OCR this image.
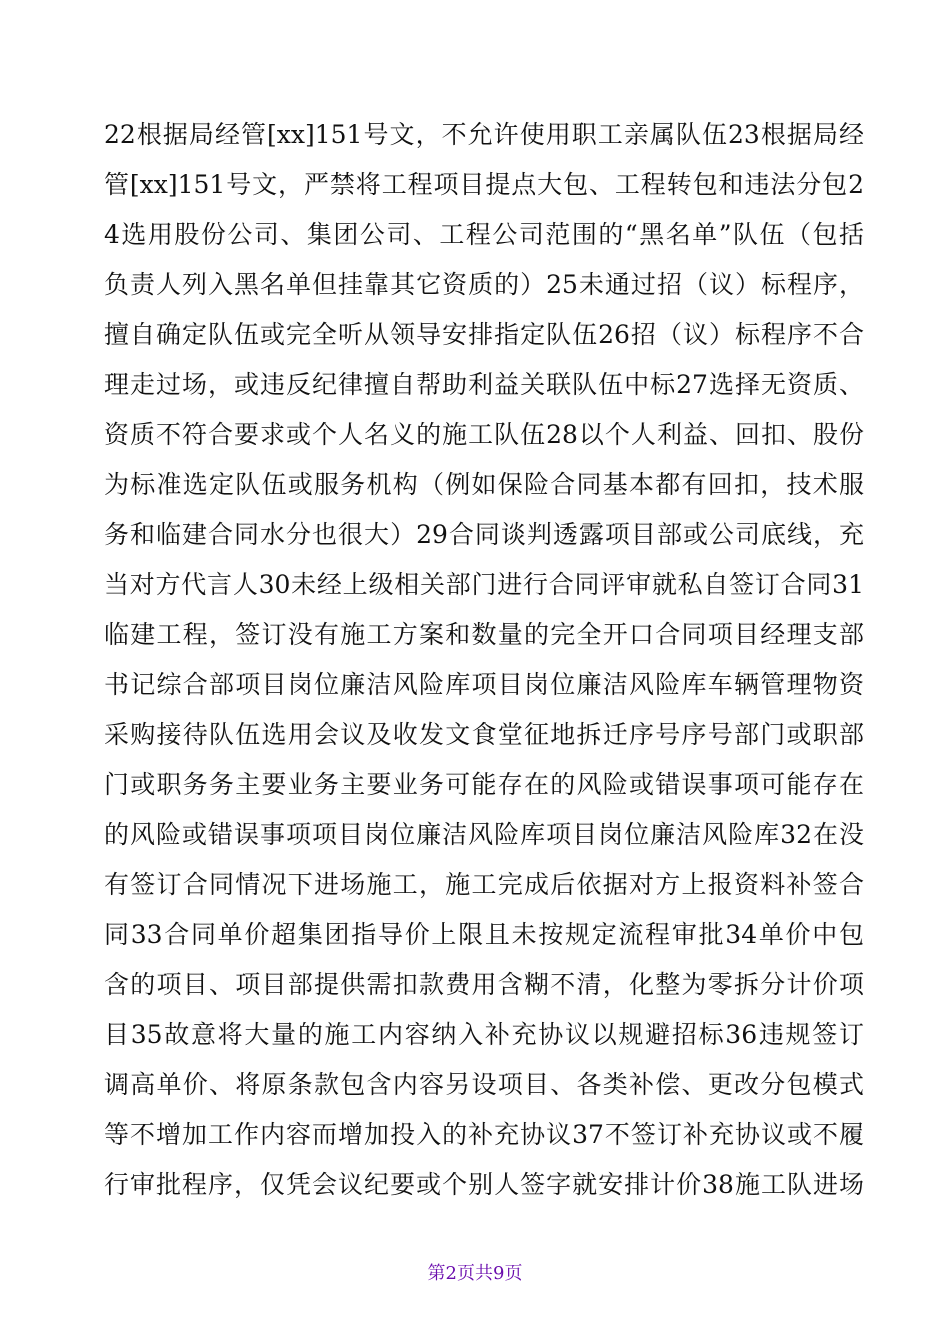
22根据局经管[xx]151号文，不允许使用职工亲属队伍23根据局经
管[xx]151号文，严禁将工程项目提点大包、工程转包和违法分包2
4选用股份公司、集团公司、工程公司范围的“黑名单”队伍（包括
负责人列入黑名单但挂靠其它资质的）25未通过招（议）标程序，
擅自确定队伍或完全听从领导安排指定队伍26招（议）标程序不合
理走过场，或违反纪律擅自帮助利益关联队伍中标27选择无资质、
资质不符合要求或个人名义的施工队伍28以个人利益、回扣、股份
为标准选定队伍或服务机构（例如保险合同基本都有回扣，技术服
务和临建合同水分也很大）29合同谈判透露项目部或公司底线，充
当对方代言人30未经上级相关部门进行合同评审就私自签订合同31
临建工程，签订没有施工方案和数量的完全开口合同项目经理支部
书记综合部项目岗位廉洁风险库项目岗位廉洁风险库车辆管理物资
采购接待队伍选用会议及收发文食堂征地拆迁序号序号部门或职部
门或职务务主要业务主要业务可能存在的风险或错误事项可能存在
的风险或错误事项项目岗位廉洁风险库项目岗位廉洁风险库32在没
有签订合同情况下进场施工，施工完成后依据对方上报资料补签合
同33合同单价超集团指导价上限且未按规定流程审批34单价中包
含的项目、项目部提供需扣款费用含糊不清，化整为零拆分计价项
目35故意将大量的施工内容纳入补充协议以规避招标36违规签订
调高单价、将原条款包含内容另设项目、各类补偿、更改分包模式
等不增加工作内容而增加投入的补充协议37不签订补充协议或不履
行审批程序，仅凭会议纪要或个别人签字就安排计价38施工队进场
第2页共9页
